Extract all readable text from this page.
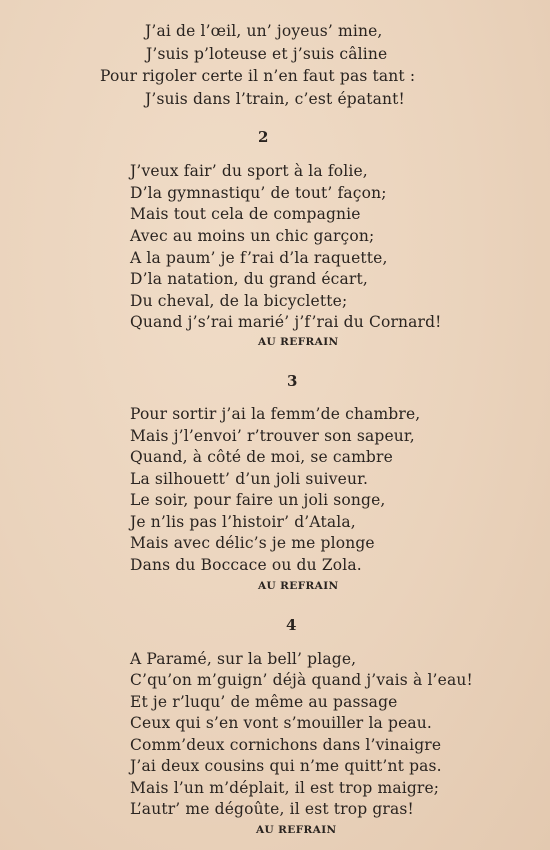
J’ai de l’œil, un’ joyeus’ mine,
J’suis p’loteuse et j’suis câline
Pour rigoler certe il n’en faut pas tant :
J’suis dans l’train, c’est épatant!
2
J’veux fair’ du sport à la folie,
D’la gymnastiqu’ de tout’ façon;
Mais tout cela de compagnie
Avec au moins un chic garçon;
A la paum’ je f’rai d’la raquette,
D’la natation, du grand écart,
Du cheval, de la bicyclette;
Quand j’s’rai marié’ j’f’rai du Cornard!
AU REFRAIN
3
Pour sortir j’ai la femm’de chambre,
Mais j’l’envoi’ r’trouver son sapeur,
Quand, à côté de moi, se cambre
La silhouett’ d’un joli suiveur.
Le soir, pour faire un joli songe,
Je n’lis pas l’histoir’ d’Atala,
Mais avec délic’s je me plonge
Dans du Boccace ou du Zola.
AU REFRAIN
4
A Paramé, sur la bell’ plage,
C’qu’on m’guign’ déjà quand j’vais à l’eau!
Et je r’luqu’ de même au passage
Ceux qui s’en vont s’mouiller la peau.
Comm’deux cornichons dans l’vinaigre
J’ai deux cousins qui n’me quitt’nt pas.
Mais l’un m’déplait, il est trop maigre;
L’autr’ me dégoûte, il est trop gras!
AU REFRAIN
